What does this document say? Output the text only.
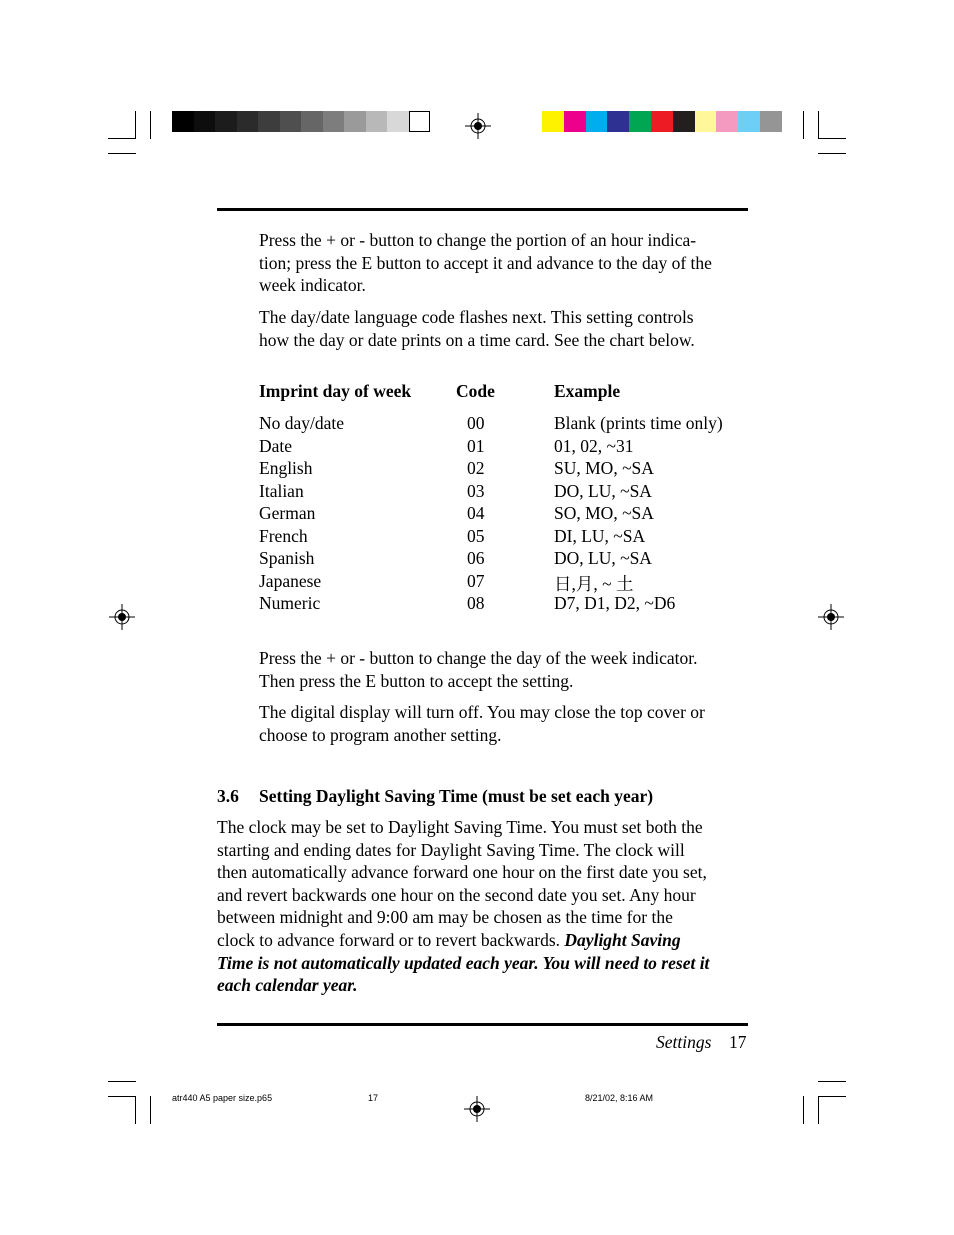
Press the + or - button to change the portion of an hour indica-
tion; press the E button to accept it and advance to the day of the
week indicator.
The day/date language code flashes next. This setting controls
how the day or date prints on a time card. See the chart below.
Imprint day of week	Code	Example
No day/date	00	Blank (prints time only)
Date	01	01, 02, ~31
English	02	SU, MO, ~SA
Italian	03	DO, LU, ~SA
German	04	SO, MO, ~SA
French	05	DI, LU, ~SA
Spanish	06	DO, LU, ~SA
Japanese	07	日,月, ~ 土
Numeric	08	D7, D1, D2, ~D6
Press the + or - button to change the day of the week indicator.
Then press the E button to accept the setting.
The digital display will turn off. You may close the top cover or
choose to program another setting.
3.6 Setting Daylight Saving Time (must be set each year)
The clock may be set to Daylight Saving Time. You must set both the
starting and ending dates for Daylight Saving Time. The clock will
then automatically advance forward one hour on the first date you set,
and revert backwards one hour on the second date you set. Any hour
between midnight and 9:00 am may be chosen as the time for the
clock to advance forward or to revert backwards. Daylight Saving
Time is not automatically updated each year. You will need to reset it
each calendar year.
Settings 17
atr440 A5 paper size.p65	17	8/21/02, 8:16 AM
